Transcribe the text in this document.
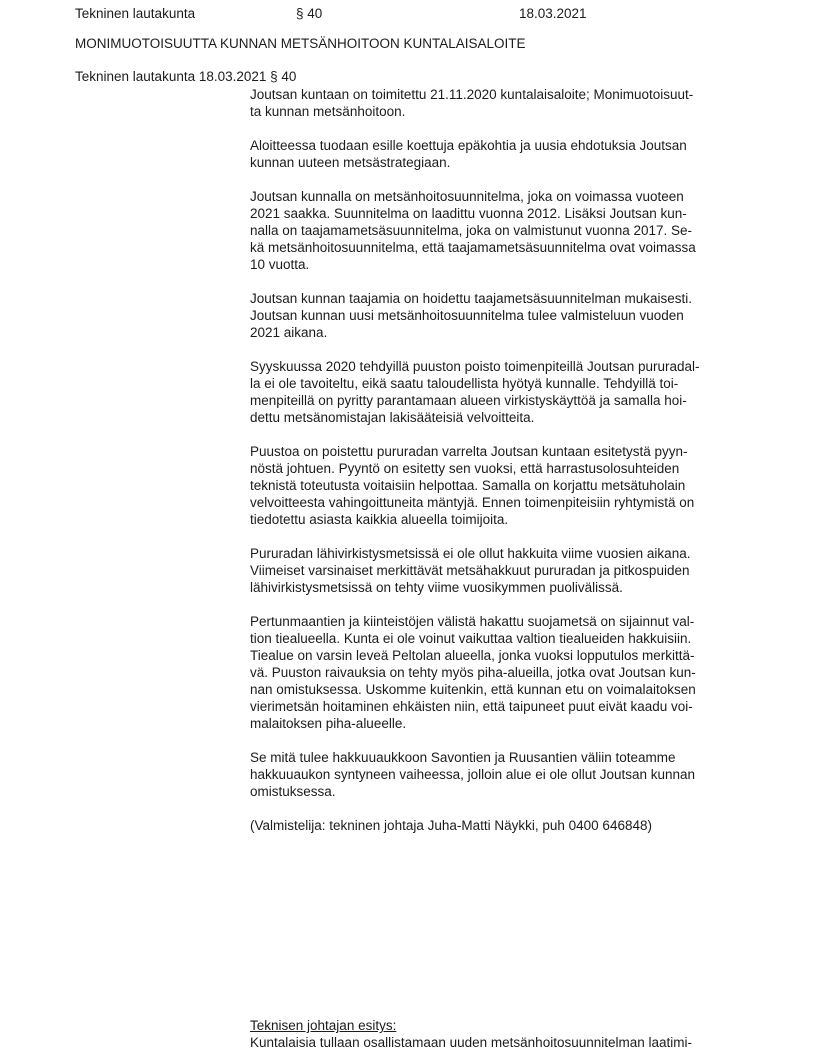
Tekninen lautakunta	§ 40	18.03.2021
MONIMUOTOISUUTTA KUNNAN METSÄNHOITOON KUNTALAISALOITE
Tekninen lautakunta 18.03.2021 § 40

Joutsan kuntaan on toimitettu 21.11.2020 kuntalaisaloite; Monimuotoisuut-
ta kunnan metsänhoitoon.

Aloitteessa tuodaan esille koettuja epäkohtia ja uusia ehdotuksia Joutsan
kunnan uuteen metsästrategiaan.

Joutsan kunnalla on metsänhoitosuunnitelma, joka on voimassa vuoteen
2021 saakka. Suunnitelma on laadittu vuonna 2012. Lisäksi Joutsan kun-
nalla on taajamametsäsuunnitelma, joka on valmistunut vuonna 2017. Se-
kä metsänhoitosuunnitelma, että taajamametsäsuunnitelma ovat voimassa
10 vuotta.

Joutsan kunnan taajamia on hoidettu taajametsäsuunnitelman mukaisesti.
Joutsan kunnan uusi metsänhoitosuunnitelma tulee valmisteluun vuoden
2021 aikana.

Syyskuussa 2020 tehdyillä puuston poisto toimenpiteillä Joutsan pururadal-
la ei ole tavoiteltu, eikä saatu taloudellista hyötyä kunnalle. Tehdyillä toi-
menpiteillä on pyritty parantamaan alueen virkistyskäyttöä ja samalla hoi-
dettu metsänomistajan lakisääteisiä velvoitteita.

Puustoa on poistettu pururadan varrelta Joutsan kuntaan esitetystä pyyn-
nöstä johtuen. Pyyntö on esitetty sen vuoksi, että harrastusolosuhteiden
teknistä toteutusta voitaisiin helpottaa. Samalla on korjattu metsätuholain
velvoitteesta vahingoittuneita mäntyjä. Ennen toimenpiteisiin ryhtymistä on
tiedotettu asiasta kaikkia alueella toimijoita.

Pururadan lähivirkistysmetsissä ei ole ollut hakkuita viime vuosien aikana.
Viimeiset varsinaiset merkittävät metsähakkuut pururadan ja pitkospuiden
lähivirkistysmetsissä on tehty viime vuosikymmen puolivälissä.

Pertunmaantien ja kiinteistöjen välistä hakattu suojametsä on sijainnut val-
tion tiealueella. Kunta ei ole voinut vaikuttaa valtion tiealueiden hakkuisiin.
Tiealue on varsin leveä Peltolan alueella, jonka vuoksi lopputulos merkittä-
vä. Puuston raivauksia on tehty myös piha-alueilla, jotka ovat Joutsan kun-
nan omistuksessa. Uskomme kuitenkin, että kunnan etu on voimalaitoksen
vierimetsän hoitaminen ehkäisten niin, että taipuneet puut eivät kaadu voi-
malaitoksen piha-alueelle.

Se mitä tulee hakkuuaukkoon Savontien ja Ruusantien väliin toteamme
hakkuuaukon syntyneen vaiheessa, jolloin alue ei ole ollut Joutsan kunnan
omistuksessa.

(Valmistelija: tekninen johtaja Juha-Matti Näykki, puh 0400 646848)

Teknisen johtajan esitys:
Kuntalaisia tullaan osallistamaan uuden metsänhoitosuunnitelman laatimi-
